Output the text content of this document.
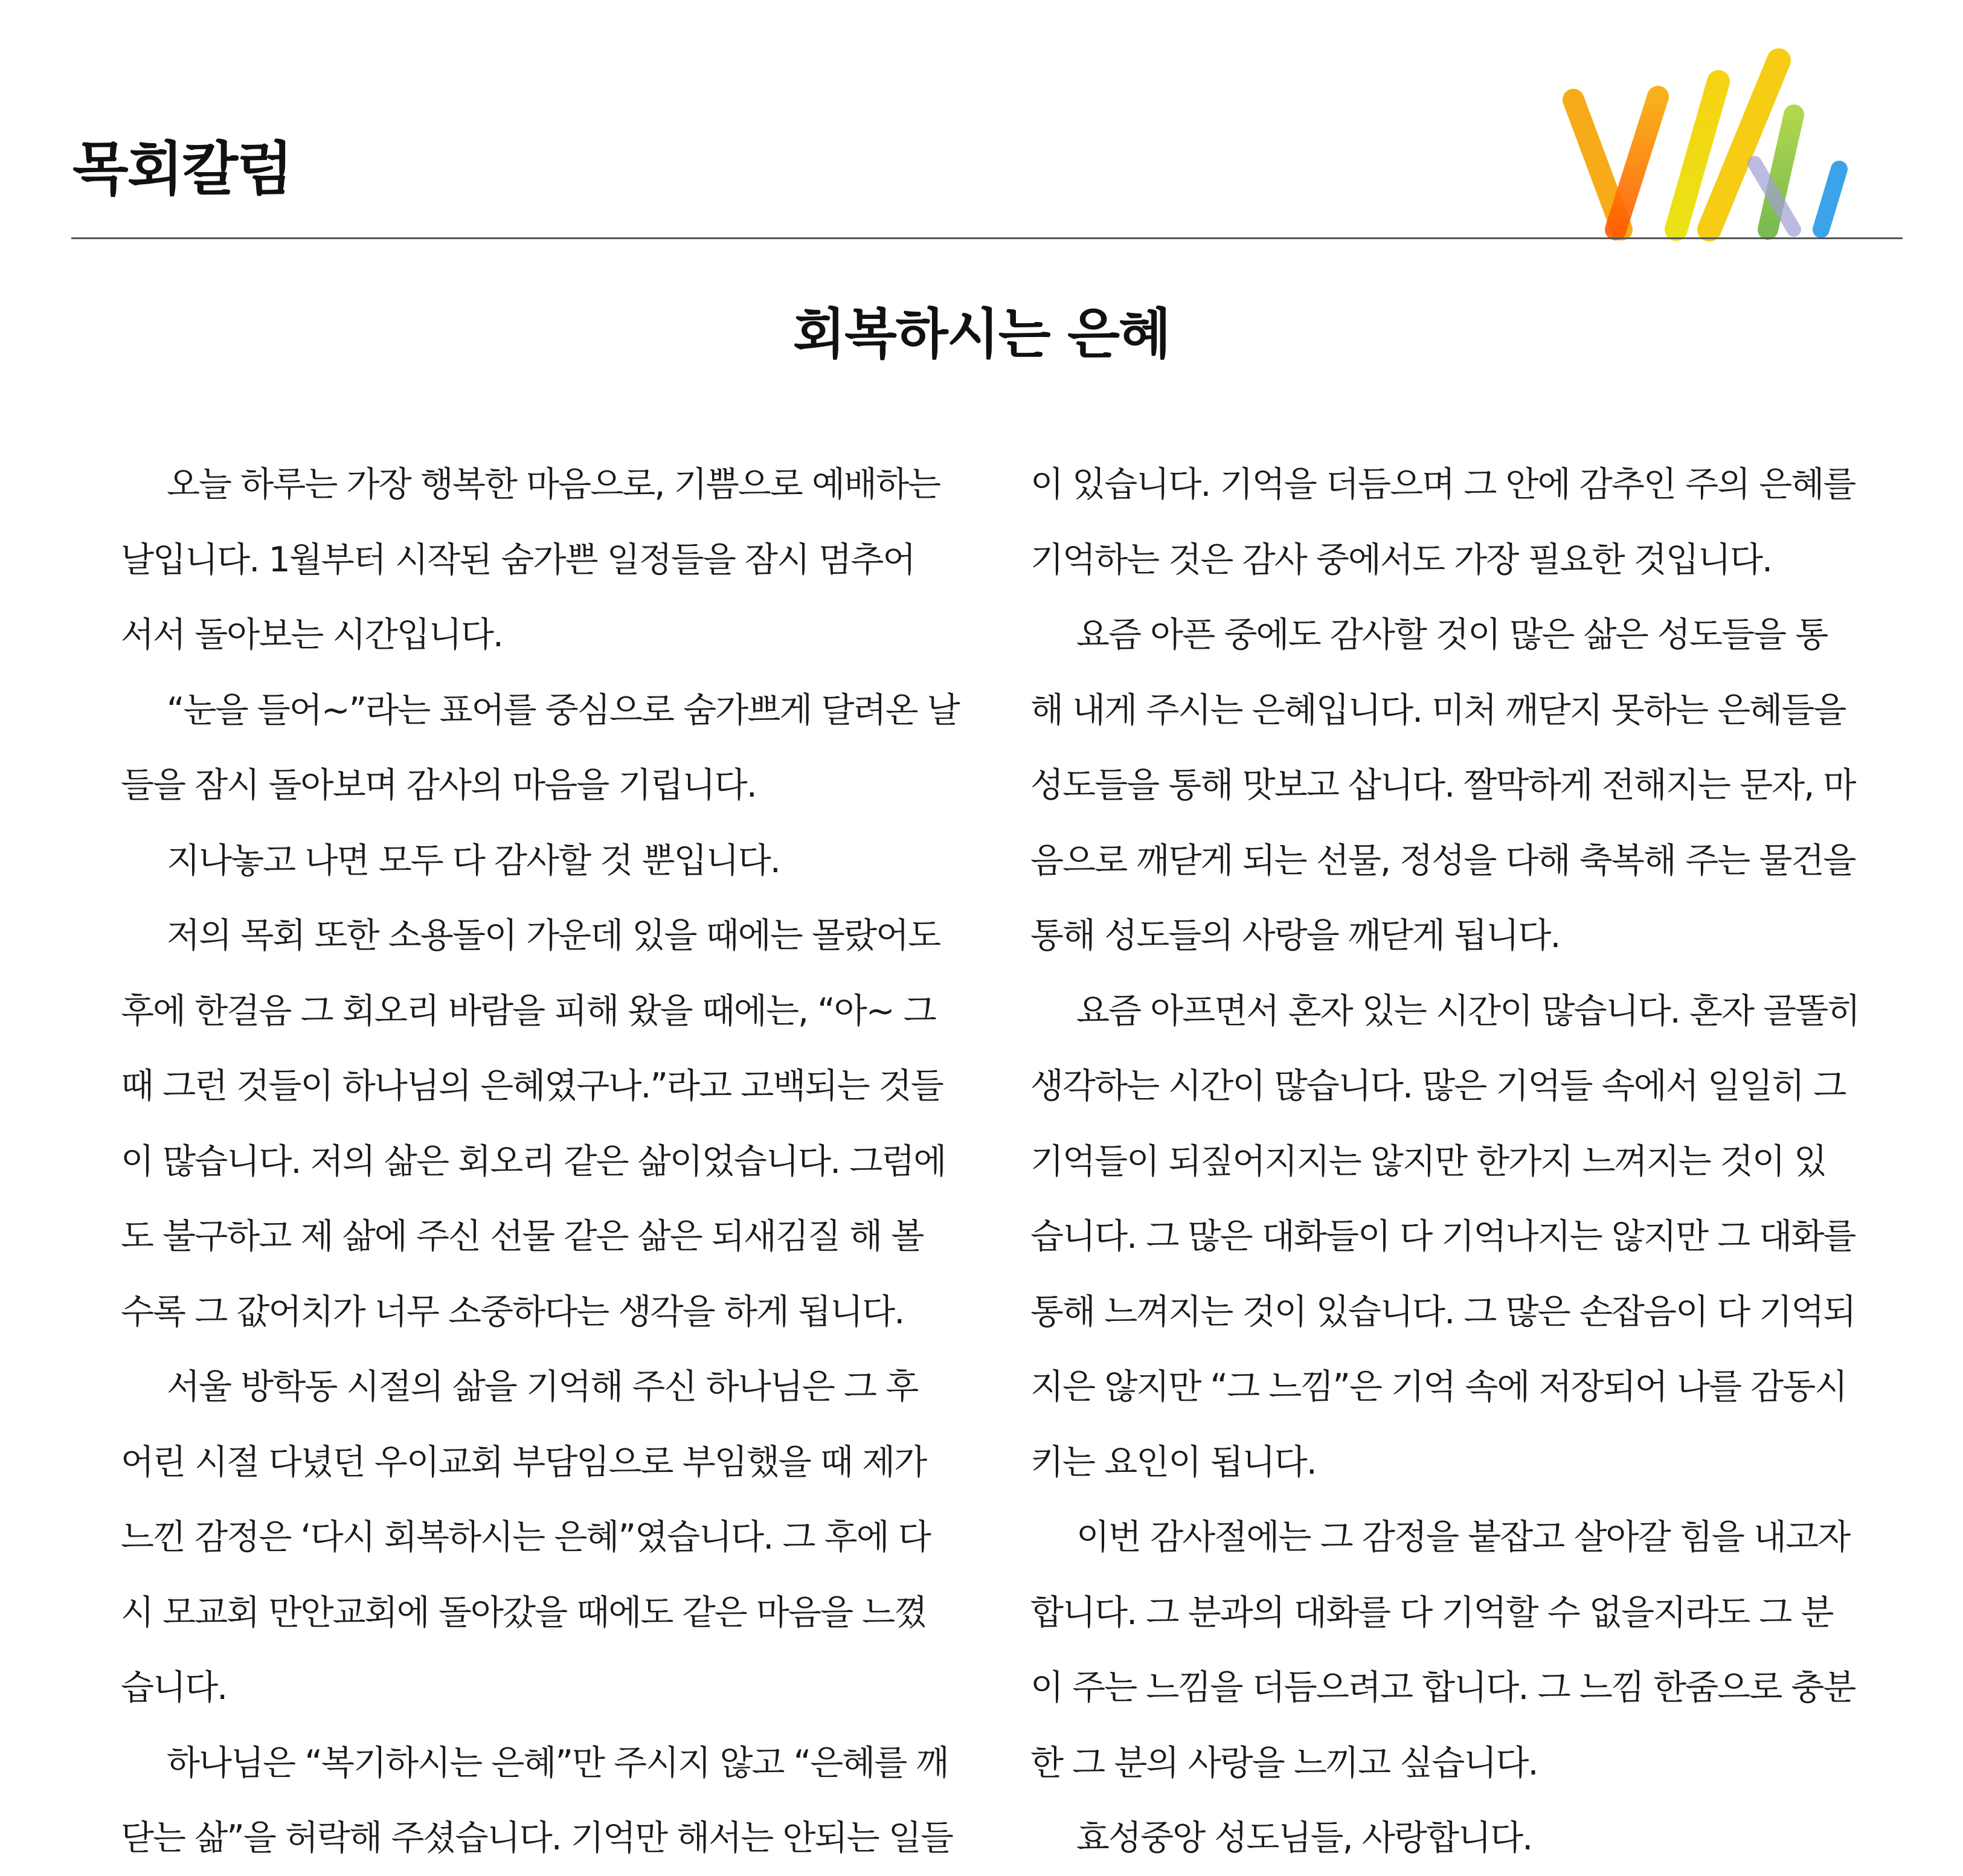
목회칼럼
회복하시는 은혜
오늘 하루는 가장 행복한 마음으로, 기쁨으로 예배하는
날입니다. 1월부터 시작된 숨가쁜 일정들을 잠시 멈추어
서서 돌아보는 시간입니다.
“눈을 들어~”라는 표어를 중심으로 숨가쁘게 달려온 날
들을 잠시 돌아보며 감사의 마음을 기립니다.
지나놓고 나면 모두 다 감사할 것 뿐입니다.
저의 목회 또한 소용돌이 가운데 있을 때에는 몰랐어도
후에 한걸음 그 회오리 바람을 피해 왔을 때에는, “아~ 그
때 그런 것들이 하나님의 은혜였구나.”라고 고백되는 것들
이 많습니다. 저의 삶은 회오리 같은 삶이었습니다. 그럼에
도 불구하고 제 삶에 주신 선물 같은 삶은 되새김질 해 볼
수록 그 값어치가 너무 소중하다는 생각을 하게 됩니다.
서울 방학동 시절의 삶을 기억해 주신 하나님은 그 후
어린 시절 다녔던 우이교회 부담임으로 부임했을 때 제가
느낀 감정은 ‘다시 회복하시는 은혜”였습니다. 그 후에 다
시 모교회 만안교회에 돌아갔을 때에도 같은 마음을 느꼈
습니다.
하나님은 “복기하시는 은혜”만 주시지 않고 “은혜를 깨
닫는 삶”을 허락해 주셨습니다. 기억만 해서는 안되는 일들
이 있습니다. 기억을 더듬으며 그 안에 감추인 주의 은혜를
기억하는 것은 감사 중에서도 가장 필요한 것입니다.
요즘 아픈 중에도 감사할 것이 많은 삶은 성도들을 통
해 내게 주시는 은혜입니다. 미처 깨닫지 못하는 은혜들을
성도들을 통해 맛보고 삽니다. 짤막하게 전해지는 문자, 마
음으로 깨닫게 되는 선물, 정성을 다해 축복해 주는 물건을
통해 성도들의 사랑을 깨닫게 됩니다.
요즘 아프면서 혼자 있는 시간이 많습니다. 혼자 골똘히
생각하는 시간이 많습니다. 많은 기억들 속에서 일일히 그
기억들이 되짚어지지는 않지만 한가지 느껴지는 것이 있
습니다. 그 많은 대화들이 다 기억나지는 않지만 그 대화를
통해 느껴지는 것이 있습니다. 그 많은 손잡음이 다 기억되
지은 않지만 “그 느낌”은 기억 속에 저장되어 나를 감동시
키는 요인이 됩니다.
이번 감사절에는 그 감정을 붙잡고 살아갈 힘을 내고자
합니다. 그 분과의 대화를 다 기억할 수 없을지라도 그 분
이 주는 느낌을 더듬으려고 합니다. 그 느낌 한줌으로 충분
한 그 분의 사랑을 느끼고 싶습니다.
효성중앙 성도님들, 사랑합니다.
